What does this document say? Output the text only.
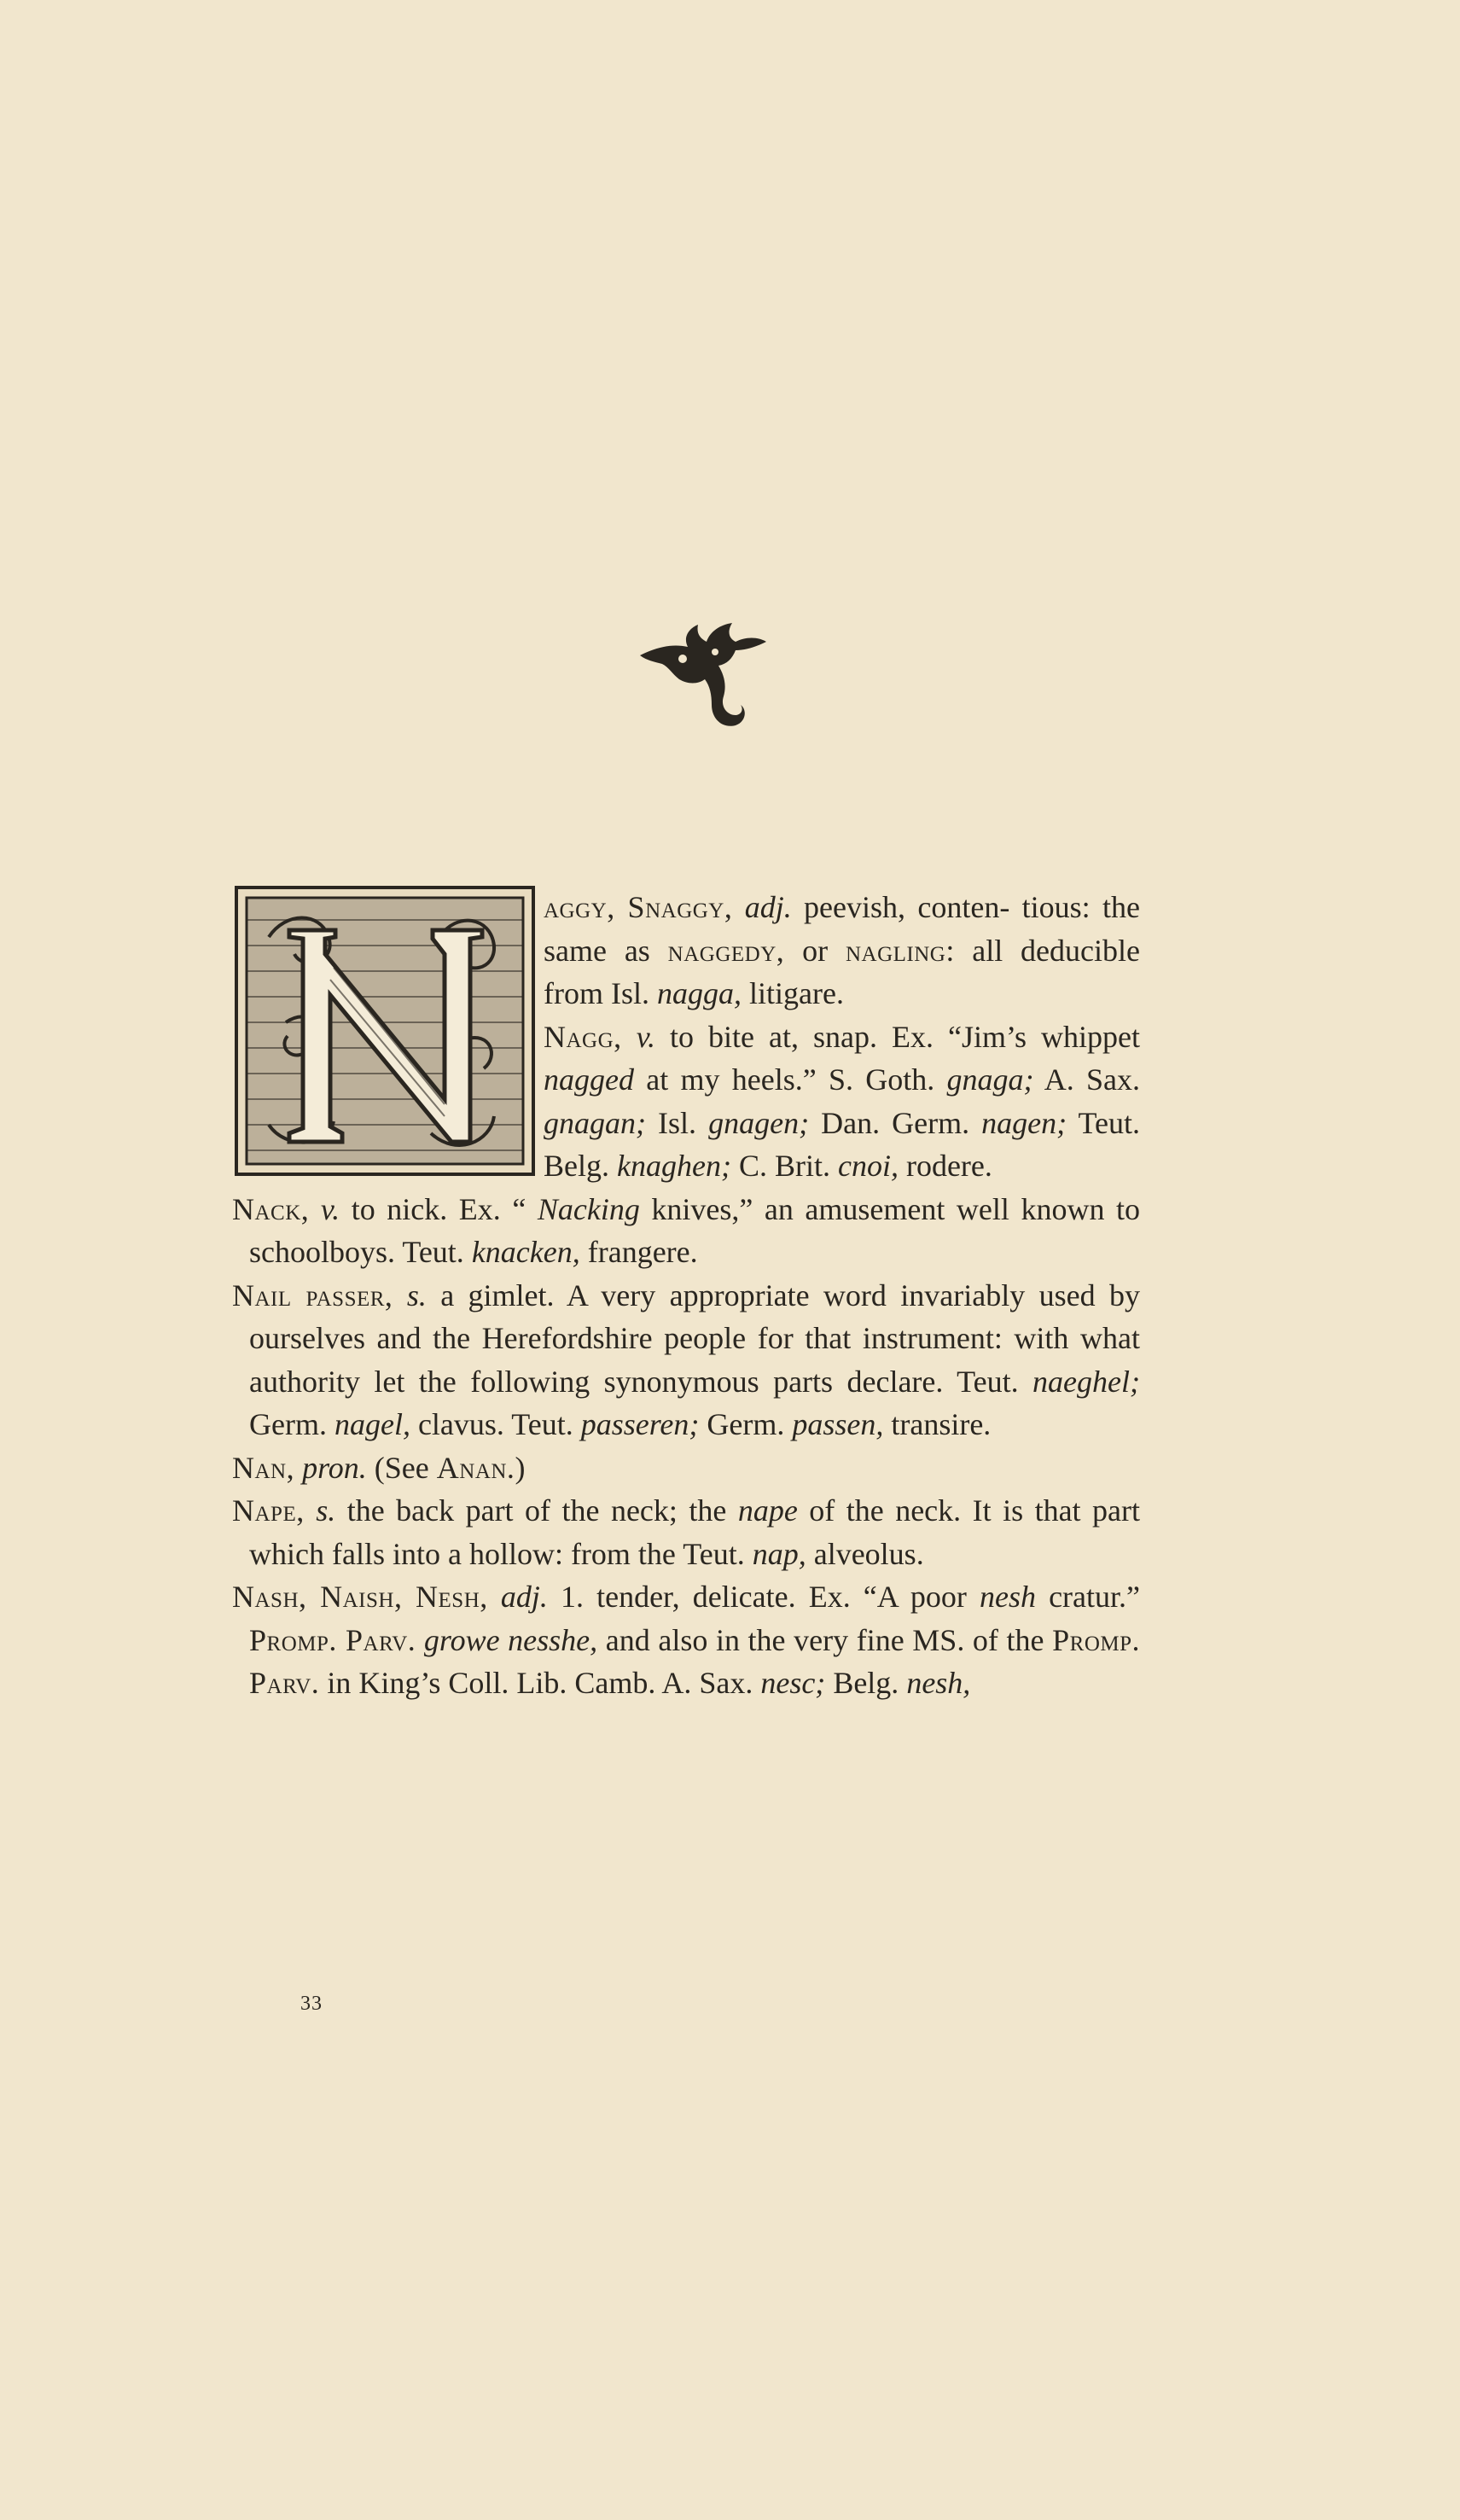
aggy, Snaggy, adj. peevish, conten- tious: the same as naggedy, or nagling: all deducible from Isl. nagga, litigare.

Nagg, v. to bite at, snap. Ex. “Jim’s whippet nagged at my heels.” S. Goth. gnaga; A. Sax. gnagan; Isl. gnagen; Dan. Germ. nagen; Teut. Belg. knaghen; C. Brit. cnoi, rodere.

Nack, v. to nick. Ex. “ Nacking knives,” an amusement well known to schoolboys. Teut. knacken, frangere.

Nail passer, s. a gimlet. A very appropriate word invariably used by ourselves and the Herefordshire people for that instrument: with what authority let the following synonymous parts declare. Teut. naeghel; Germ. nagel, clavus. Teut. passeren; Germ. passen, transire.

Nan, pron. (See Anan.)

Nape, s. the back part of the neck; the nape of the neck. It is that part which falls into a hollow: from the Teut. nap, alveolus.

Nash, Naish, Nesh, adj. 1. tender, delicate. Ex. “A poor nesh cratur.” Promp. Parv. growe nesshe, and also in the very fine MS. of the Promp. Parv. in King’s Coll. Lib. Camb. A. Sax. nesc; Belg. nesh,

33
